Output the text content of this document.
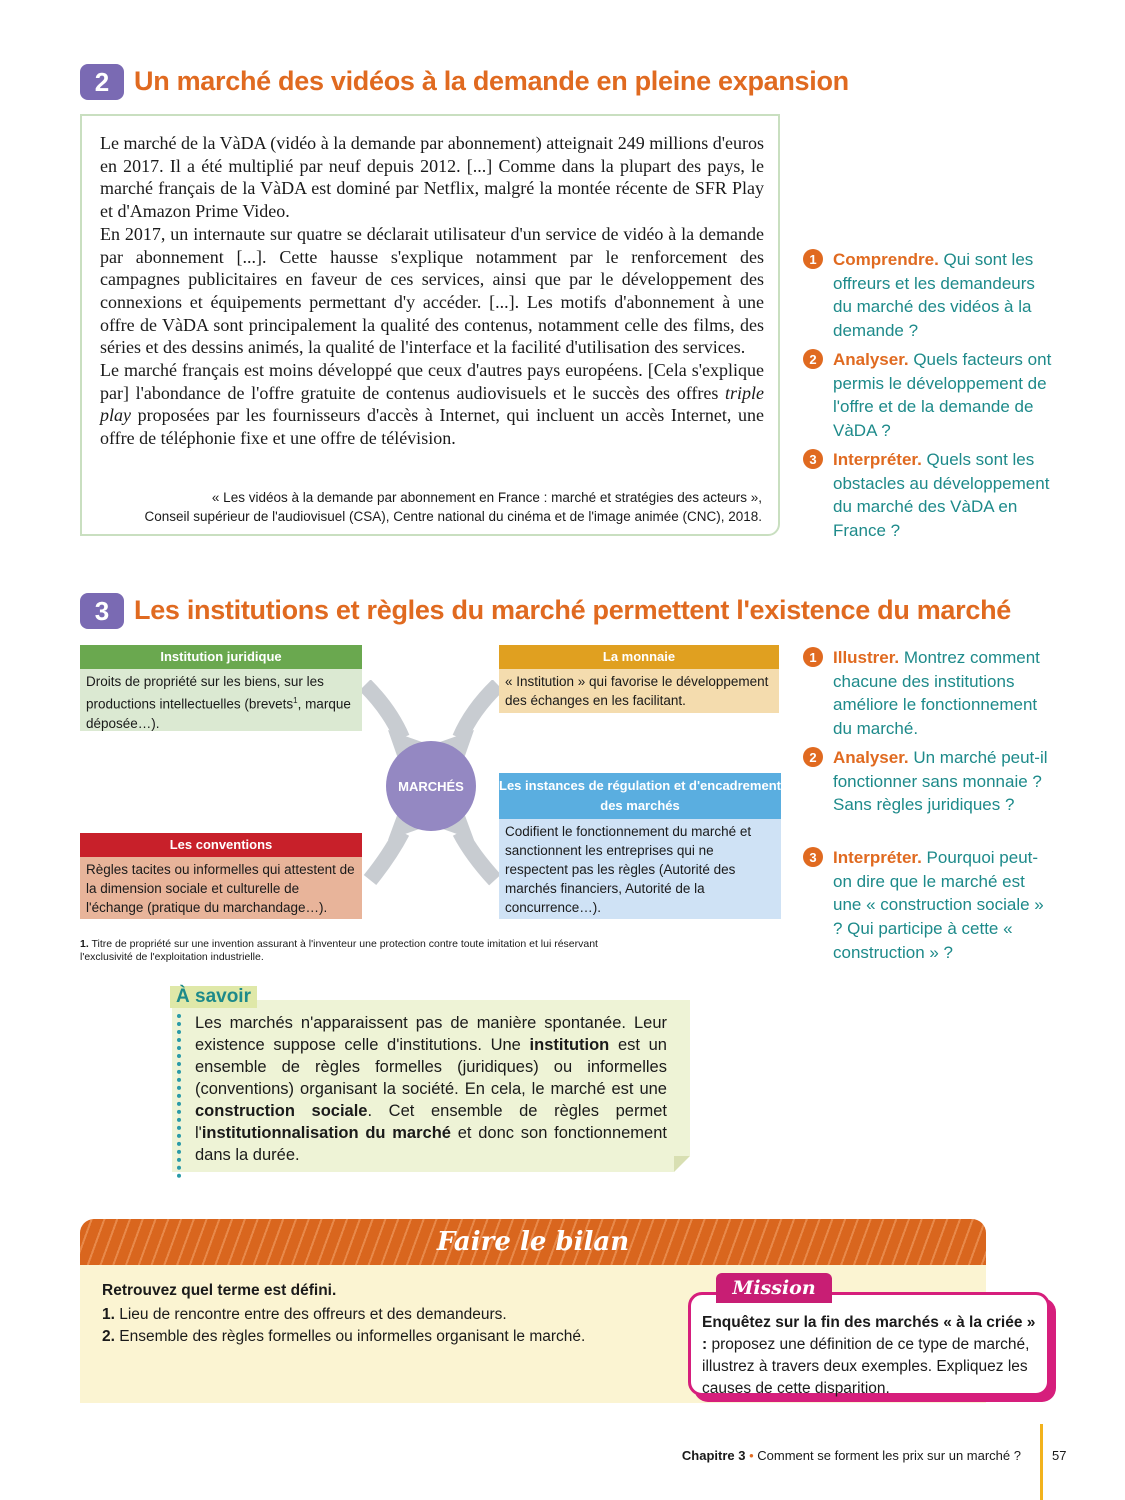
2 Un marché des vidéos à la demande en pleine expansion

Le marché de la VàDA (vidéo à la demande par abonnement) atteignait 249 millions d'euros en 2017. Il a été multiplié par neuf depuis 2012. [...] Comme dans la plupart des pays, le marché français de la VàDA est dominé par Netflix, malgré la montée récente de SFR Play et d'Amazon Prime Video.

En 2017, un internaute sur quatre se déclarait utilisateur d'un service de vidéo à la demande par abonnement [...]. Cette hausse s'explique notamment par le renforcement des campagnes publicitaires en faveur de ces services, ainsi que par le développement des connexions et équipements permettant d'y accéder. [...]. Les motifs d'abonnement à une offre de VàDA sont principalement la qualité des contenus, notamment celle des films, des séries et des dessins animés, la qualité de l'interface et la facilité d'utilisation des services.

Le marché français est moins développé que ceux d'autres pays européens. [Cela s'explique par] l'abondance de l'offre gratuite de contenus audiovisuels et le succès des offres triple play proposées par les fournisseurs d'accès à Internet, qui incluent un accès Internet, une offre de téléphonie fixe et une offre de télévision.

« Les vidéos à la demande par abonnement en France : marché et stratégies des acteurs »,
Conseil supérieur de l'audiovisuel (CSA), Centre national du cinéma et de l'image animée (CNC), 2018.
1 Comprendre. Qui sont les offreurs et les demandeurs du marché des vidéos à la demande ?
2 Analyser. Quels facteurs ont permis le développement de l'offre et de la demande de VàDA ?
3 Interpréter. Quels sont les obstacles au développement du marché des VàDA en France ?
3 Les institutions et règles du marché permettent l'existence du marché
MARCHÉS
Institution juridique
Droits de propriété sur les biens, sur les productions intellectuelles (brevets$^1$, marque déposée…).
La monnaie
« Institution » qui favorise le développement des échanges en les facilitant.
Les conventions
Règles tacites ou informelles qui attestent de la dimension sociale et culturelle de l'échange (pratique du marchandage…).
Les instances de régulation et d'encadrement des marchés
Codifient le fonctionnement du marché et sanctionnent les entreprises qui ne respectent pas les règles (Autorité des marchés financiers, Autorité de la concurrence…).
1. Titre de propriété sur une invention assurant à l'inventeur une protection contre toute imitation et lui réservant l'exclusivité de l'exploitation industrielle.
1 Illustrer. Montrez comment chacune des institutions améliore le fonctionnement du marché.
2 Analyser. Un marché peut-il fonctionner sans monnaie ? Sans règles juridiques ?
3 Interpréter. Pourquoi peut-on dire que le marché est une « construction sociale » ? Qui participe à cette « construction » ?
À savoir
Les marchés n'apparaissent pas de manière spontanée. Leur existence suppose celle d'institutions. Une institution est un ensemble de règles formelles (juridiques) ou informelles (conventions) organisant la société. En cela, le marché est une construction sociale. Cet ensemble de règles permet l'institutionnalisation du marché et donc son fonctionnement dans la durée.
Faire le bilan
Retrouvez quel terme est défini.
1. Lieu de rencontre entre des offreurs et des demandeurs.
2. Ensemble des règles formelles ou informelles organisant le marché.
Mission
Enquêtez sur la fin des marchés « à la criée » : proposez une définition de ce type de marché, illustrez à travers deux exemples. Expliquez les causes de cette disparition.
Chapitre 3 • Comment se forment les prix sur un marché ? 57
